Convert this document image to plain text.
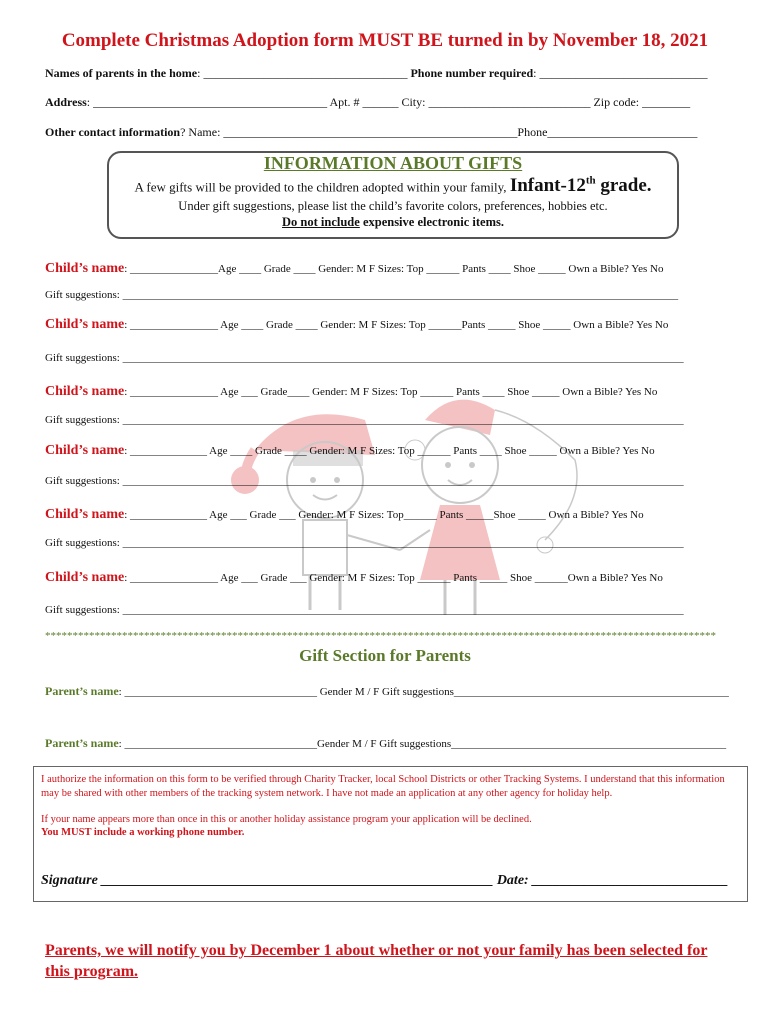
Complete Christmas Adoption form MUST BE turned in by November 18, 2021
Names of parents in the home: __________________________________ Phone number required: ____________________________
Address: _______________________________________ Apt. # ______ City: ___________________________ Zip code: ________
Other contact information? Name: _________________________________________________Phone_________________________
INFORMATION ABOUT GIFTS
A few gifts will be provided to the children adopted within your family, Infant-12th grade.
Under gift suggestions, please list the child’s favorite colors, preferences, hobbies etc.
Do not include expensive electronic items.
Child’s name: ________________Age ____ Grade ____ Gender: M F Sizes: Top ______ Pants ____ Shoe _____ Own a Bible? Yes No
Gift suggestions: _____________________________________________________________________________________________________
Child’s name: ________________ Age ____ Grade ____ Gender: M F Sizes: Top ______Pants _____ Shoe _____ Own a Bible? Yes No
Gift suggestions: ______________________________________________________________________________________________________
Child’s name: ________________ Age ___ Grade____ Gender: M F Sizes: Top ______ Pants ____ Shoe _____ Own a Bible? Yes No
Gift suggestions: ______________________________________________________________________________________________________
Child’s name: ______________ Age ____ Grade ____ Gender: M F Sizes: Top ______ Pants ____ Shoe _____ Own a Bible? Yes No
Gift suggestions: ______________________________________________________________________________________________________
Child’s name: ______________ Age ___ Grade ___ Gender: M F Sizes: Top______ Pants _____Shoe _____ Own a Bible? Yes No
Gift suggestions: ______________________________________________________________________________________________________
Child’s name: ________________ Age ___ Grade ___ Gender: M F Sizes: Top ______ Pants _____ Shoe ______Own a Bible? Yes No
Gift suggestions: ______________________________________________________________________________________________________
**************************************************************************************************************************
Gift Section for Parents
Parent’s name: ___________________________________ Gender M / F Gift suggestions__________________________________________________
Parent’s name: ___________________________________Gender M / F Gift suggestions__________________________________________________
I authorize the information on this form to be verified through Charity Tracker, local School Districts or other Tracking Systems. I understand that this information may be shared with other members of the tracking system network. I have not made an application at any other agency for holiday help.
If your name appears more than once in this or another holiday assistance program your application will be declined.
You MUST include a working phone number.
Signature ________________________________________________________ Date: ____________________________
Parents, we will notify you by December 1 about whether or not your family has been selected for this program.
